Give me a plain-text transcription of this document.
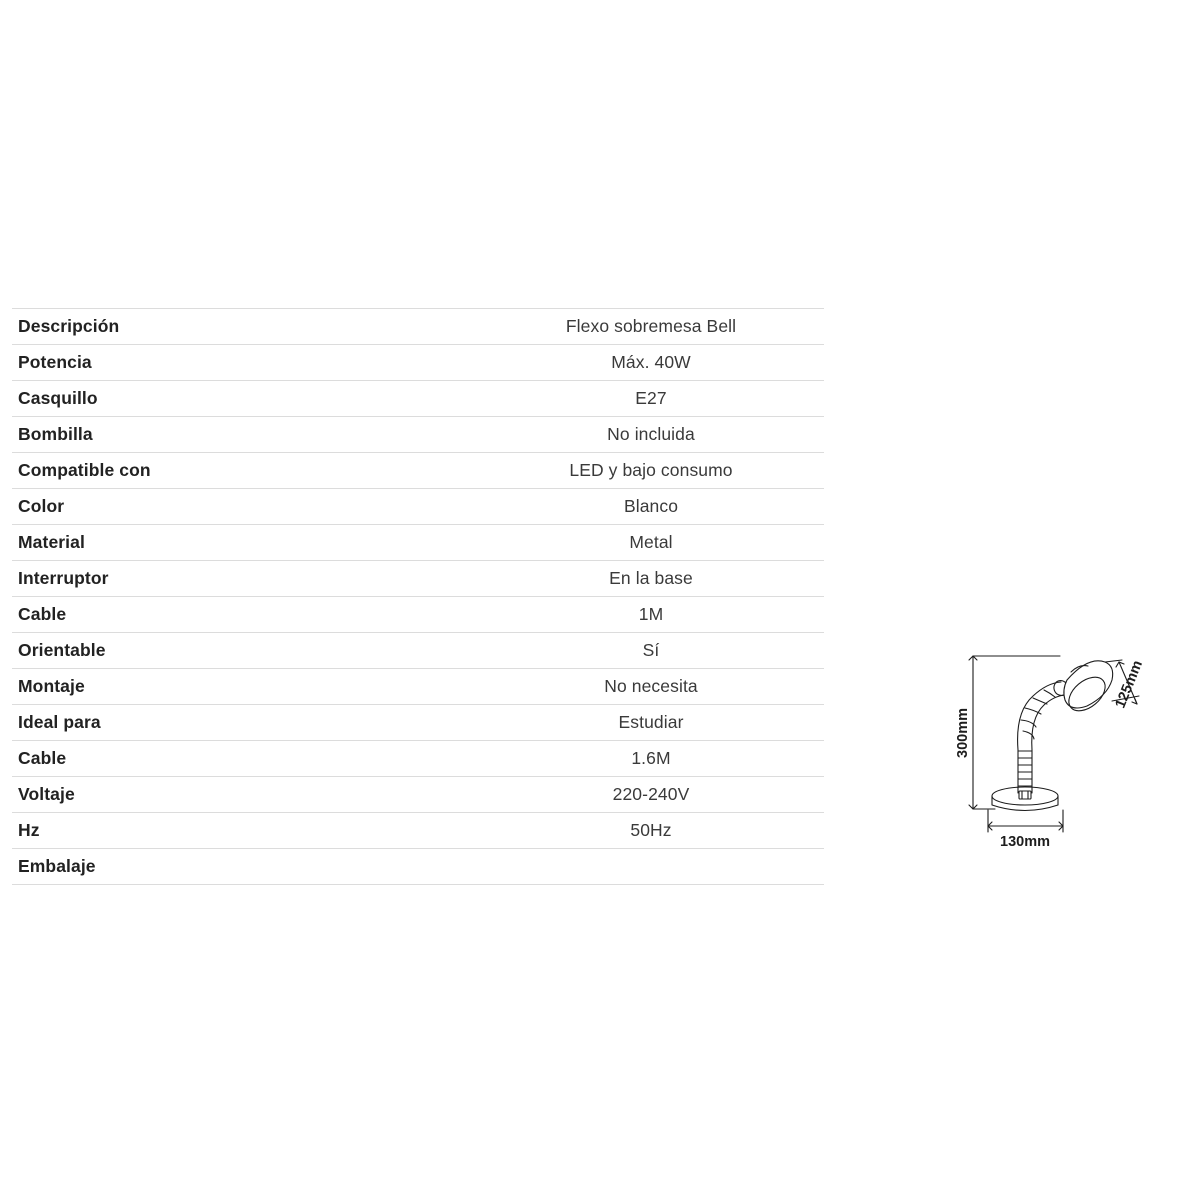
Descripción	Flexo sobremesa Bell
Potencia	Máx. 40W
Casquillo	E27
Bombilla	No incluida
Compatible con	LED y bajo consumo
Color	Blanco
Material	Metal
Interruptor	En la base
Cable	1M
Orientable	Sí
Montaje	No necesita
Ideal para	Estudiar
Cable	1.6M
Voltaje	220-240V
Hz	50Hz
Embalaje	
300mm
130mm
125mm
